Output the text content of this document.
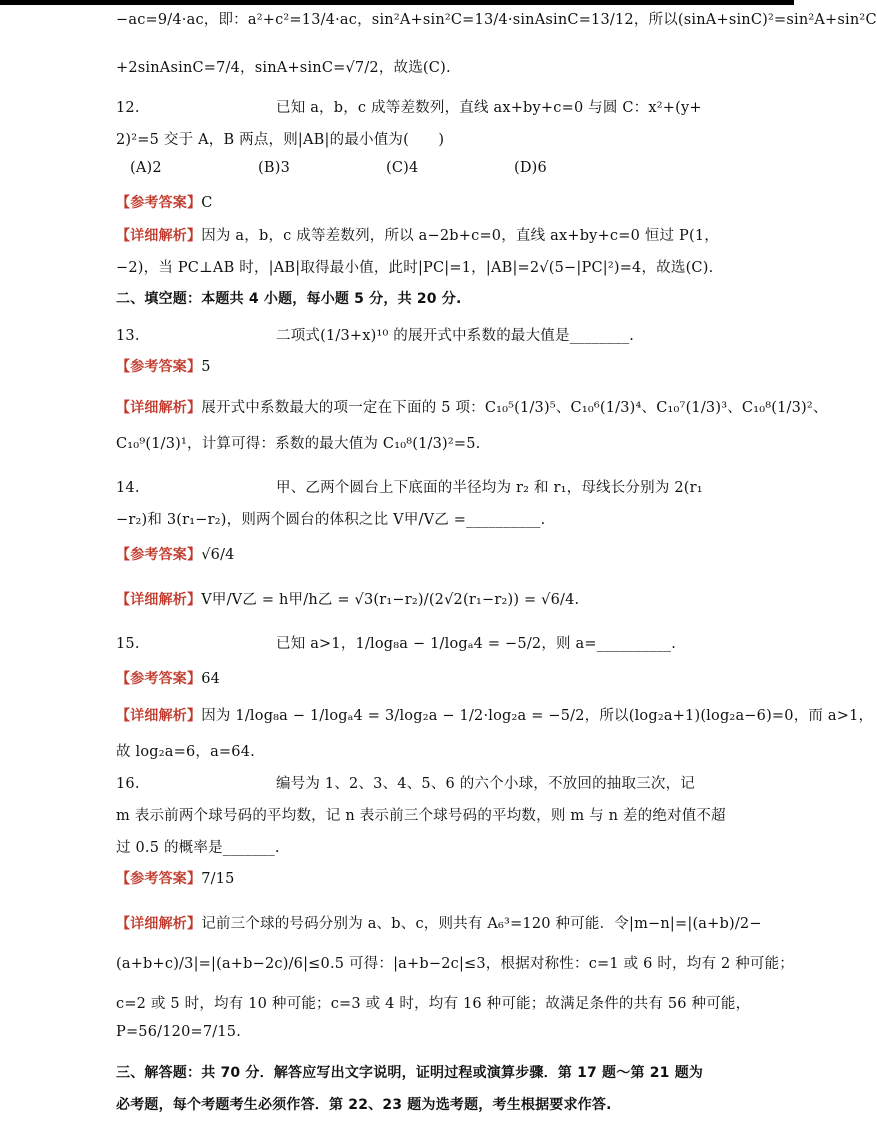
−ac=9/4·ac，即：a²+c²=13/4·ac，sin²A+sin²C=13/4·sinAsinC=13/12，所以(sinA+sinC)²=sin²A+sin²C
+2sinAsinC=7/4，sinA+sinC=√7/2，故选(C).
12.	已知 a，b，c 成等差数列，直线 ax+by+c=0 与圆 C：x²+(y+
2)²=5 交于 A，B 两点，则|AB|的最小值为(　　)
(A)2	(B)3	(C)4	(D)6
【参考答案】C
【详细解析】因为 a，b，c 成等差数列，所以 a−2b+c=0，直线 ax+by+c=0 恒过 P(1，
−2)，当 PC⊥AB 时，|AB|取得最小值，此时|PC|=1，|AB|=2√(5−|PC|²)=4，故选(C).
二、填空题：本题共 4 小题，每小题 5 分，共 20 分.
13.	二项式(1/3+x)¹⁰ 的展开式中系数的最大值是________.
【参考答案】5
【详细解析】展开式中系数最大的项一定在下面的 5 项：C₁₀⁵(1/3)⁵、C₁₀⁶(1/3)⁴、C₁₀⁷(1/3)³、C₁₀⁸(1/3)²、
C₁₀⁹(1/3)¹，计算可得：系数的最大值为 C₁₀⁸(1/3)²=5.
14.	甲、乙两个圆台上下底面的半径均为 r₂ 和 r₁，母线长分别为 2(r₁
−r₂)和 3(r₁−r₂)，则两个圆台的体积之比 V甲/V乙 =__________.
【参考答案】√6/4
【详细解析】V甲/V乙 = h甲/h乙 = √3(r₁−r₂)/(2√2(r₁−r₂)) = √6/4.
15.	已知 a>1，1/log₈a − 1/logₐ4 = −5/2，则 a=__________.
【参考答案】64
【详细解析】因为 1/log₈a − 1/logₐ4 = 3/log₂a − 1/2·log₂a = −5/2，所以(log₂a+1)(log₂a−6)=0，而 a>1，
故 log₂a=6，a=64.
16.	编号为 1、2、3、4、5、6 的六个小球，不放回的抽取三次，记
m 表示前两个球号码的平均数，记 n 表示前三个球号码的平均数，则 m 与 n 差的绝对值不超
过 0.5 的概率是_______.
【参考答案】7/15
【详细解析】记前三个球的号码分别为 a、b、c，则共有 A₆³=120 种可能．令|m−n|=|(a+b)/2−
(a+b+c)/3|=|(a+b−2c)/6|≤0.5 可得：|a+b−2c|≤3，根据对称性：c=1 或 6 时，均有 2 种可能；
c=2 或 5 时，均有 10 种可能；c=3 或 4 时，均有 16 种可能；故满足条件的共有 56 种可能，
P=56/120=7/15.
三、解答题：共 70 分．解答应写出文字说明，证明过程或演算步骤．第 17 题～第 21 题为
必考题，每个考题考生必须作答．第 22、23 题为选考题，考生根据要求作答.
